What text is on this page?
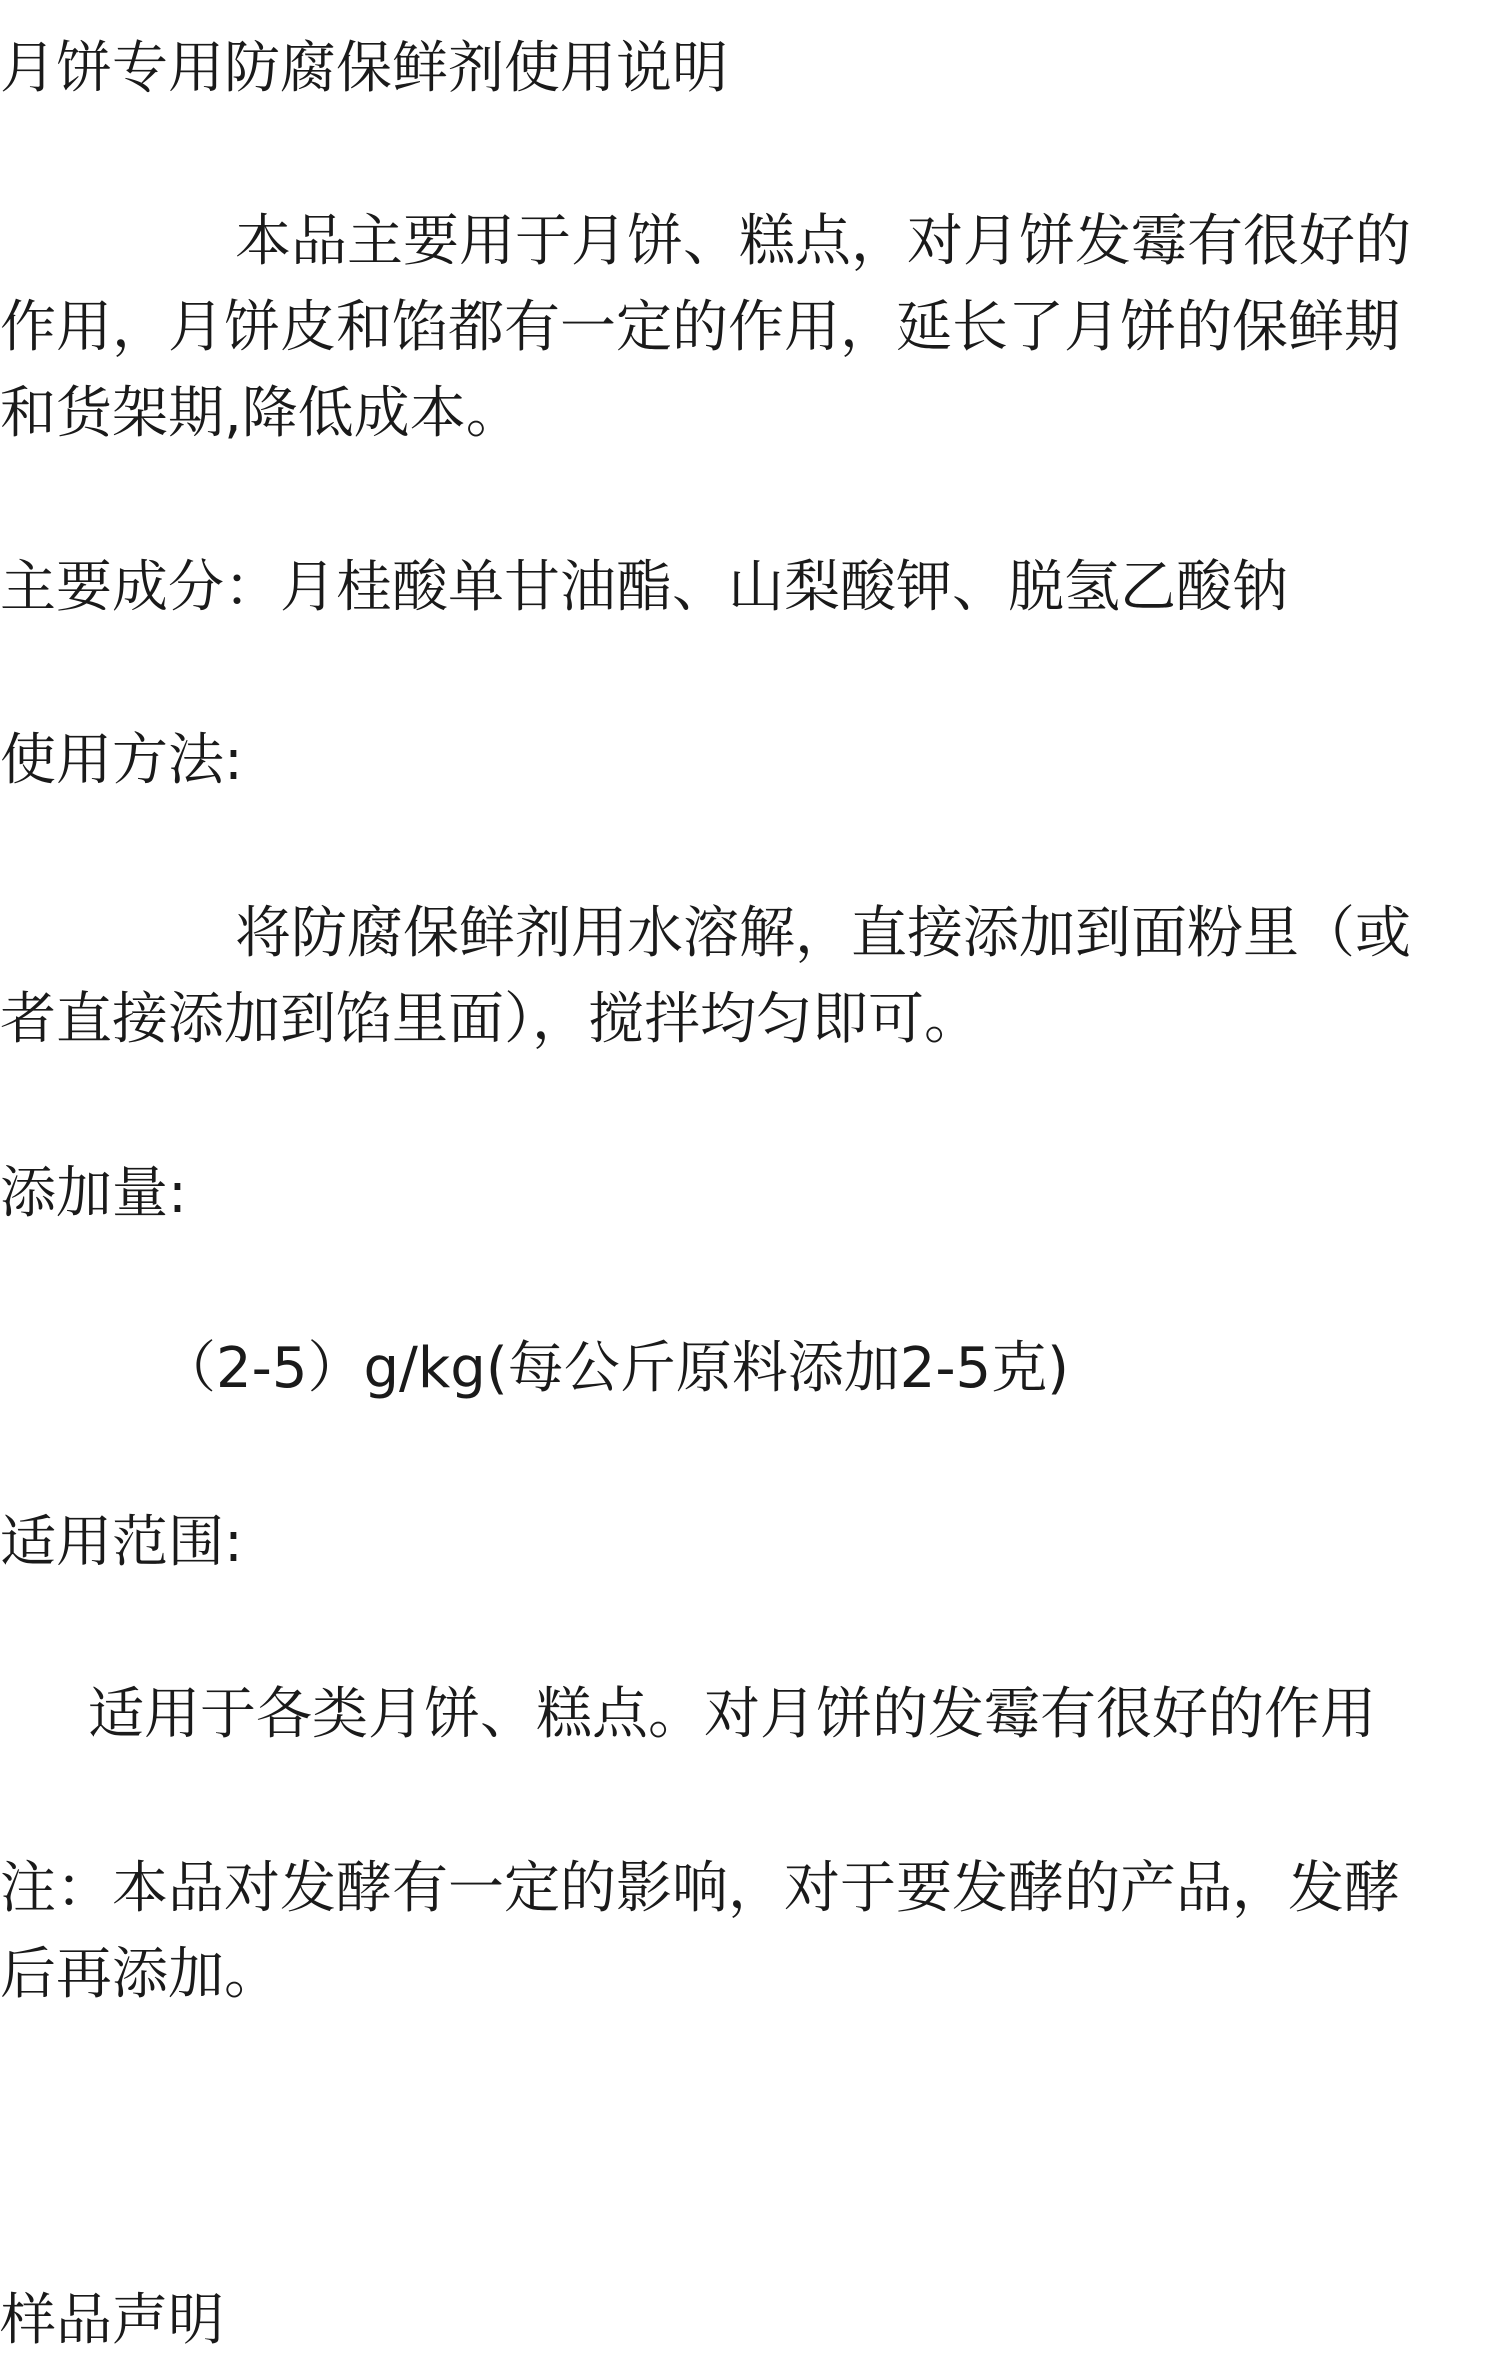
月饼专用防腐保鲜剂使用说明

本品主要用于月饼、糕点，对月饼发霉有很好的

作用，月饼皮和馅都有一定的作用，延长了月饼的保鲜期

和货架期,降低成本。

主要成分：月桂酸单甘油酯、山梨酸钾、脱氢乙酸钠

使用方法:

将防腐保鲜剂用水溶解，直接添加到面粉里（或

者直接添加到馅里面），搅拌均匀即可。

添加量:

（2-5）g/kg(每公斤原料添加2-5克)

适用范围:

适用于各类月饼、糕点。对月饼的发霉有很好的作用

注：本品对发酵有一定的影响，对于要发酵的产品，发酵

后再添加。

样品声明
